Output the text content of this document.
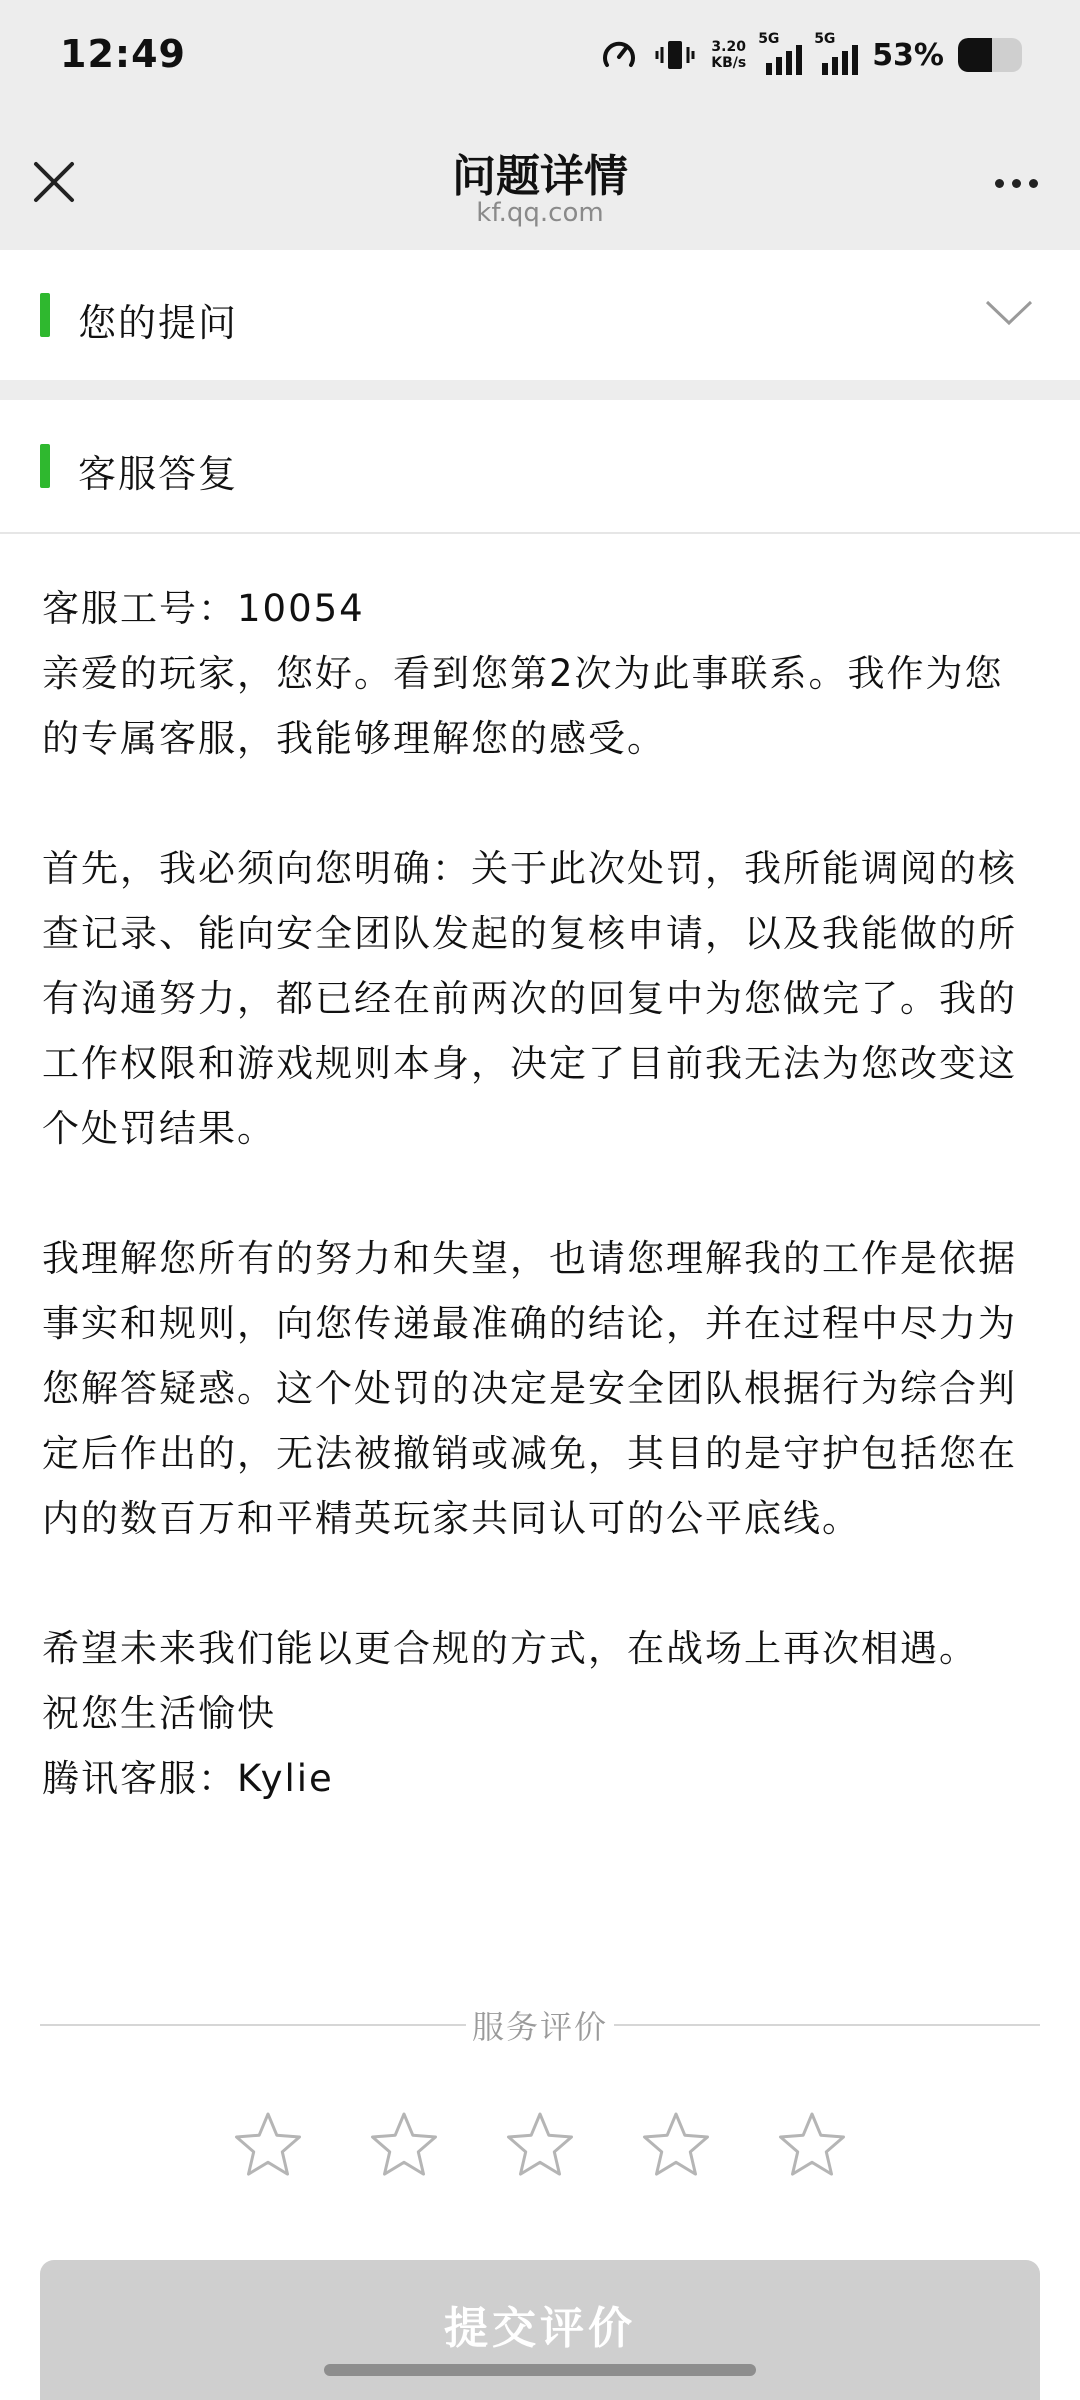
12:49	3.20
KB/s
5G 5G 53%
问题详情
kf.qq.com
您的提问
客服答复

客服工号：10054

亲爱的玩家，您好。看到您第2次为此事联系。我作为您的专属客服，我能够理解您的感受。

首先，我必须向您明确：关于此次处罚，我所能调阅的核查记录、能向安全团队发起的复核申请，以及我能做的所有沟通努力，都已经在前两次的回复中为您做完了。我的工作权限和游戏规则本身，决定了目前我无法为您改变这个处罚结果。

我理解您所有的努力和失望，也请您理解我的工作是依据事实和规则，向您传递最准确的结论，并在过程中尽力为您解答疑惑。这个处罚的决定是安全团队根据行为综合判定后作出的，无法被撤销或减免，其目的是守护包括您在内的数百万和平精英玩家共同认可的公平底线。

希望未来我们能以更合规的方式，在战场上再次相遇。

祝您生活愉快

腾讯客服：Kylie

服务评价
提交评价
